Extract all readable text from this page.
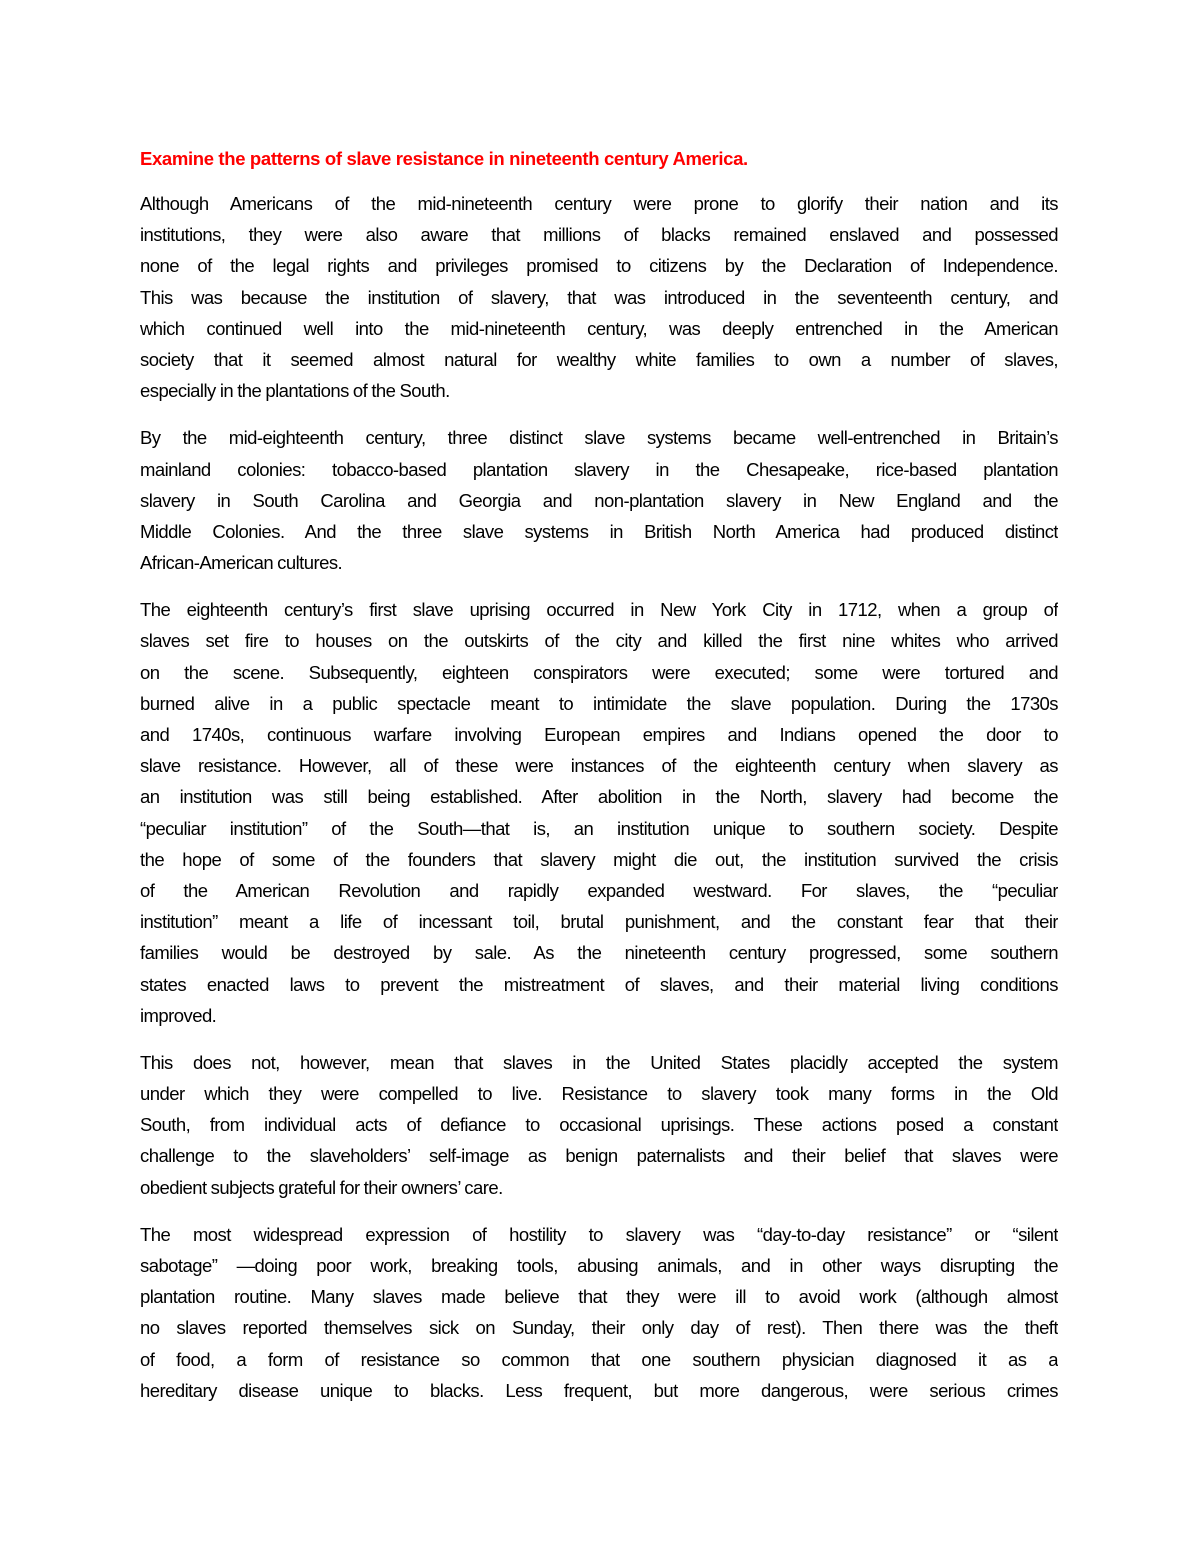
Examine the patterns of slave resistance in nineteenth century America.
Although Americans of the mid-nineteenth century were prone to glorify their nation and its
institutions, they were also aware that millions of blacks remained enslaved and possessed
none of the legal rights and privileges promised to citizens by the Declaration of Independence.
This was because the institution of slavery, that was introduced in the seventeenth century, and
which continued well into the mid-nineteenth century, was deeply entrenched in the American
society that it seemed almost natural for wealthy white families to own a number of slaves,
especially in the plantations of the South.
By the mid-eighteenth century, three distinct slave systems became well-entrenched in Britain’s
mainland colonies: tobacco-based plantation slavery in the Chesapeake, rice-based plantation
slavery in South Carolina and Georgia and non-plantation slavery in New England and the
Middle Colonies. And the three slave systems in British North America had produced distinct
African-American cultures.
The eighteenth century’s first slave uprising occurred in New York City in 1712, when a group of
slaves set fire to houses on the outskirts of the city and killed the first nine whites who arrived
on the scene. Subsequently, eighteen conspirators were executed; some were tortured and
burned alive in a public spectacle meant to intimidate the slave population. During the 1730s
and 1740s, continuous warfare involving European empires and Indians opened the door to
slave resistance. However, all of these were instances of the eighteenth century when slavery as
an institution was still being established. After abolition in the North, slavery had become the
“peculiar institution” of the South—that is, an institution unique to southern society. Despite
the hope of some of the founders that slavery might die out, the institution survived the crisis
of the American Revolution and rapidly expanded westward. For slaves, the “peculiar
institution” meant a life of incessant toil, brutal punishment, and the constant fear that their
families would be destroyed by sale. As the nineteenth century progressed, some southern
states enacted laws to prevent the mistreatment of slaves, and their material living conditions
improved.
This does not, however, mean that slaves in the United States placidly accepted the system
under which they were compelled to live. Resistance to slavery took many forms in the Old
South, from individual acts of defiance to occasional uprisings. These actions posed a constant
challenge to the slaveholders’ self-image as benign paternalists and their belief that slaves were
obedient subjects grateful for their owners’ care.
The most widespread expression of hostility to slavery was “day-to-day resistance” or “silent
sabotage” —doing poor work, breaking tools, abusing animals, and in other ways disrupting the
plantation routine. Many slaves made believe that they were ill to avoid work (although almost
no slaves reported themselves sick on Sunday, their only day of rest). Then there was the theft
of food, a form of resistance so common that one southern physician diagnosed it as a
hereditary disease unique to blacks. Less frequent, but more dangerous, were serious crimes
